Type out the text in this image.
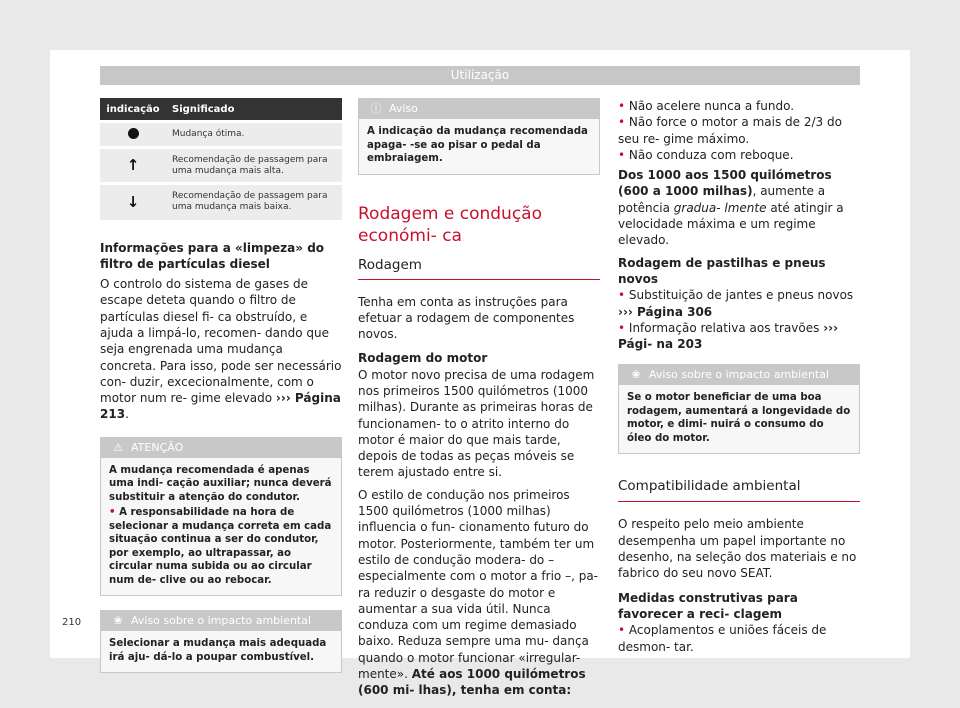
Utilização
indicação	Significado
	Mudança ótima.
↑	Recomendação de passagem para uma mudança mais alta.
↓	Recomendação de passagem para uma mudança mais baixa.

Informações para a «limpeza» do filtro de partículas diesel

O controlo do sistema de gases de escape deteta quando o filtro de partículas diesel fi- ca obstruído, e ajuda a limpá-lo, recomen- dando que seja engrenada uma mudança concreta. Para isso, pode ser necessário con- duzir, excecionalmente, com o motor num re- gime elevado ››› Página 213.

⚠ ATENÇÃO
A mudança recomendada é apenas uma indi- cação auxiliar; nunca deverá substituir a atenção do condutor.
• A responsabilidade na hora de selecionar a mudança correta em cada situação continua a ser do condutor, por exemplo, ao ultrapassar, ao circular numa subida ou ao circular num de- clive ou ao rebocar.
❀ Aviso sobre o impacto ambiental
Selecionar a mudança mais adequada irá aju- dá-lo a poupar combustível.
ⓘ Aviso
A indicação da mudança recomendada apaga- -se ao pisar o pedal da embraiagem.
Rodagem e condução económi- ca
Rodagem

Tenha em conta as instruções para efetuar a rodagem de componentes novos.

Rodagem do motor

O motor novo precisa de uma rodagem nos primeiros 1500 quilómetros (1000 milhas). Durante as primeiras horas de funcionamen- to o atrito interno do motor é maior do que mais tarde, depois de todas as peças móveis se terem ajustado entre si.

O estilo de condução nos primeiros 1500 quilómetros (1000 milhas) influencia o fun- cionamento futuro do motor. Posteriormente, também ter um estilo de condução modera- do – especialmente com o motor a frio –, pa- ra reduzir o desgaste do motor e aumentar a sua vida útil. Nunca conduza com um regime demasiado baixo. Reduza sempre uma mu- dança quando o motor funcionar «irregular- mente». Até aos 1000 quilómetros (600 mi- lhas), tenha em conta:

• Não acelere nunca a fundo.

• Não force o motor a mais de 2/3 do seu re- gime máximo.

• Não conduza com reboque.

Dos 1000 aos 1500 quilómetros (600 a 1000 milhas), aumente a potência gradua- lmente até atingir a velocidade máxima e um regime elevado.

Rodagem de pastilhas e pneus novos

• Substituição de jantes e pneus novos ››› Página 306

• Informação relativa aos travões ››› Pági- na 203

❀ Aviso sobre o impacto ambiental
Se o motor beneficiar de uma boa rodagem, aumentará a longevidade do motor, e dimi- nuirá o consumo do óleo do motor.
Compatibilidade ambiental

O respeito pelo meio ambiente desempenha um papel importante no desenho, na seleção dos materiais e no fabrico do seu novo SEAT.

Medidas construtivas para favorecer a reci- clagem

• Acoplamentos e uniões fáceis de desmon- tar.

210
